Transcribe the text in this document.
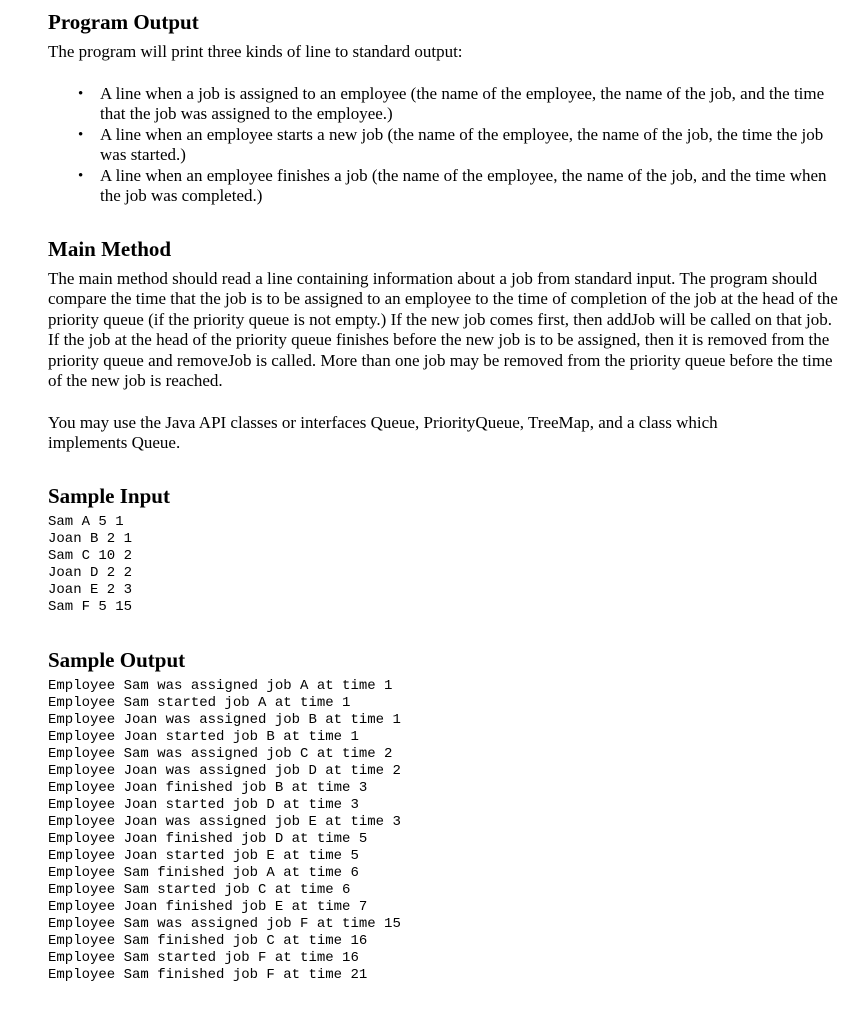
Program Output

The program will print three kinds of line to standard output:

• A line when a job is assigned to an employee (the name of the employee, the name of the job, and the time that the job was assigned to the employee.)
• A line when an employee starts a new job (the name of the employee, the name of the job, the time the job was started.)
• A line when an employee finishes a job (the name of the employee, the name of the job, and the time when the job was completed.)
Main Method

The main method should read a line containing information about a job from standard input. The program should compare the time that the job is to be assigned to an employee to the time of completion of the job at the head of the priority queue (if the priority queue is not empty.) If the new job comes first, then addJob will be called on that job. If the job at the head of the priority queue finishes before the new job is to be assigned, then it is removed from the priority queue and removeJob is called. More than one job may be removed from the priority queue before the time of the new job is reached.

You may use the Java API classes or interfaces Queue, PriorityQueue, TreeMap, and a class which implements Queue.

Sample Input
Sam A 5 1
Joan B 2 1
Sam C 10 2
Joan D 2 2
Joan E 2 3
Sam F 5 15
Sample Output
Employee Sam was assigned job A at time 1
Employee Sam started job A at time 1
Employee Joan was assigned job B at time 1
Employee Joan started job B at time 1
Employee Sam was assigned job C at time 2
Employee Joan was assigned job D at time 2
Employee Joan finished job B at time 3
Employee Joan started job D at time 3
Employee Joan was assigned job E at time 3
Employee Joan finished job D at time 5
Employee Joan started job E at time 5
Employee Sam finished job A at time 6
Employee Sam started job C at time 6
Employee Joan finished job E at time 7
Employee Sam was assigned job F at time 15
Employee Sam finished job C at time 16
Employee Sam started job F at time 16
Employee Sam finished job F at time 21
